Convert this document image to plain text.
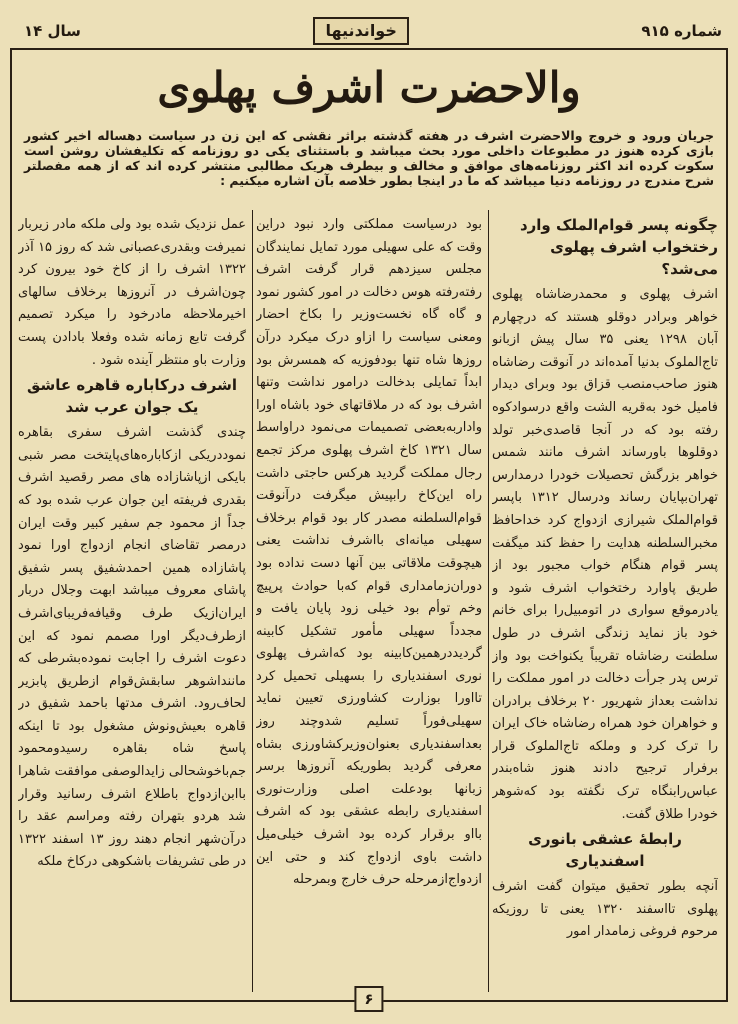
شماره ۹۱۵
خواندنیها
سال ۱۴
والاحضرت اشرف پهلوی
جریان ورود و خروج والاحضرت اشرف در هفته گذشته براثر نقشی که این زن در سیاست دهساله اخیر کشور بازی کرده هنوز در مطبوعات داخلی مورد بحث میباشد و باستثنای یکی دو روزنامه که تکلیفشان روشن است سکوت کرده اند اکثر روزنامه‌های موافق و مخالف و بیطرف هریک مطالبی منتشر کرده اند که از همه مفصلتر شرح مندرج در روزنامه دنیا میباشد که ما در اینجا بطور خلاصه بآن اشاره میکنیم :
چگونه پسر قوام‌الملک وارد رختخواب اشرف پهلوی می‌شد؟

اشرف پهلوی و محمدرضاشاه پهلوی خواهر وبرادر دوقلو هستند که درچهارم آبان ۱۲۹۸ یعنی ۳۵ سال پیش ازبانو تاج‌الملوک بدنیا آمده‌اند در آنوقت رضاشاه هنوز صاحب‌منصب قزاق بود وبرای دیدار فامیل خود به‌قریه الشت واقع درسوادکوه رفته بود که در آنجا قاصدی‌خبر تولد دوقلوها باورساند اشرف مانند شمس خواهر بزرگش تحصیلات خودرا درمدارس تهران‌بپایان رساند ودرسال ۱۳۱۲ باپسر قوام‌الملک شیرازی ازدواج کرد خداحافظ مخبر‌السلطنه هدایت را حفظ کند میگفت پسر قوام هنگام خواب مجبور بود از طریق پاوارد رختخواب اشرف شود و یادرموقع سواری در اتومبیل‌را برای خانم خود باز نماید زندگی اشرف در طول سلطنت رضاشاه تقریباً یکنواخت بود واز ترس پدر جرأت دخالت در امور مملکت را نداشت بعداز شهریور ۲۰ برخلاف برادران و خواهران خود همراه رضاشاه خاک ایران را ترک کرد و وملکه تاج‌الملوک قرار برفرار ترجیح دادند هنوز شاه‌بندر عباس‌رابنگاه ترک نگفته بود که‌شوهر خودرا طلاق گفت.

رابطهٔ عشقی بانوری اسفندیاری

آنچه بطور تحقیق میتوان گفت اشرف پهلوی تااسفند ۱۳۲۰ یعنی تا روزیکه مرحوم فروغی زمامدار امور

بود درسیاست مملکتی وارد نبود دراین وقت که علی سهیلی مورد تمایل نمایندگان مجلس سیزدهم قرار گرفت اشرف رفته‌رفته هوس دخالت در امور کشور نمود و گاه گاه نخست‌وزیر را بکاخ احضار ومعنی سیاست را ازاو درک میکرد درآن روزها شاه تنها بودفوزیه که همسرش بود ابداً تمایلی بدخالت درامور نداشت وتنها اشرف بود که در ملاقاتهای خود باشاه اورا واداربه‌بعضی تصمیمات می‌نمود دراواسط سال ۱۳۲۱ کاخ اشرف پهلوی مرکز تجمع رجال مملکت گردید هرکس حاجتی داشت راه این‌کاخ رابپیش میگرفت درآنوقت قوام‌السلطنه مصدر کار بود قوام برخلاف سهیلی میانه‌ای بااشرف نداشت یعنی هیچوقت ملاقاتی بین آنها دست نداده بود دوران‌زمامداری قوام که‌با حوادث پرپیچ وخم توأم بود خیلی زود پایان یافت و مجدداً سهیلی مأمور تشکیل کابینه گردیددرهمین‌کابینه بود که‌اشرف پهلوی نوری اسفندیاری را بسهیلی تحمیل کرد تااورا بوزارت کشاورزی تعیین نماید سهیلی‌فوراً تسلیم شدوچند روز بعداسفندیاری بعنوان‌وزیرکشاورزی بشاه معرفی گردید بطوریکه آنروزها برسر زبانها بودعلت اصلی وزارت‌نوری اسفندیاری رابطه عشقی بود که اشرف بااو برقرار کرده بود اشرف خیلی‌میل داشت باوی ازدواج کند و حتی این ازدواج‌ازمرحله حرف خارج وبمرحله

عمل نزدیک شده بود ولی ملکه مادر زیربار نمیرفت وبقدری‌عصبانی شد که روز ۱۵ آذر ۱۳۲۲ اشرف را از کاخ خود بیرون کرد چون‌اشرف در آنروزها برخلاف سالهای اخیرملاحظه مادرخود را میکرد تصمیم گرفت تابع زمانه شده وفعلا بادادن پست وزارت باو منتظر آینده شود .

اشرف درکاباره قاهره عاشق یک جوان عرب شد

چندی گذشت اشرف سفری بقاهره نموددریکی ازکاباره‌های‌پایتخت مصر شبی بایکی ازپاشازاده های مصر رقصید اشرف بقدری فریفته این جوان عرب شده بود که جداً از محمود جم سفیر کبیر وقت ایران درمصر تقاضای انجام ازدواج اورا نمود پاشازاده همین احمدشفیق پسر شفیق پاشای معروف میباشد ابهت وجلال دربار ایران‌ازیک طرف وقیافه‌فریبای‌اشرف ازطرف‌دیگر اورا مصمم نمود که این دعوت اشرف را اجابت نموده‌بشرطی که ماننداشوهر سابقش‌قوام ازطریق پابزیر لحاف‌رود. اشرف مدتها باحمد شفیق در قاهره بعیش‌ونوش مشغول بود تا اینکه پاسخ شاه بقاهره رسیدومحمود جم‌باخوشحالی زاید‌الوصفی موافقت شاهرا باابن‌ازدواج باطلاع اشرف رسانید وقرار شد هردو بتهران رفته ومراسم عقد را درآن‌شهر انجام دهند روز ۱۳ اسفند ۱۳۲۲ در طی تشریفات باشکوهی درکاخ ملکه

۶
